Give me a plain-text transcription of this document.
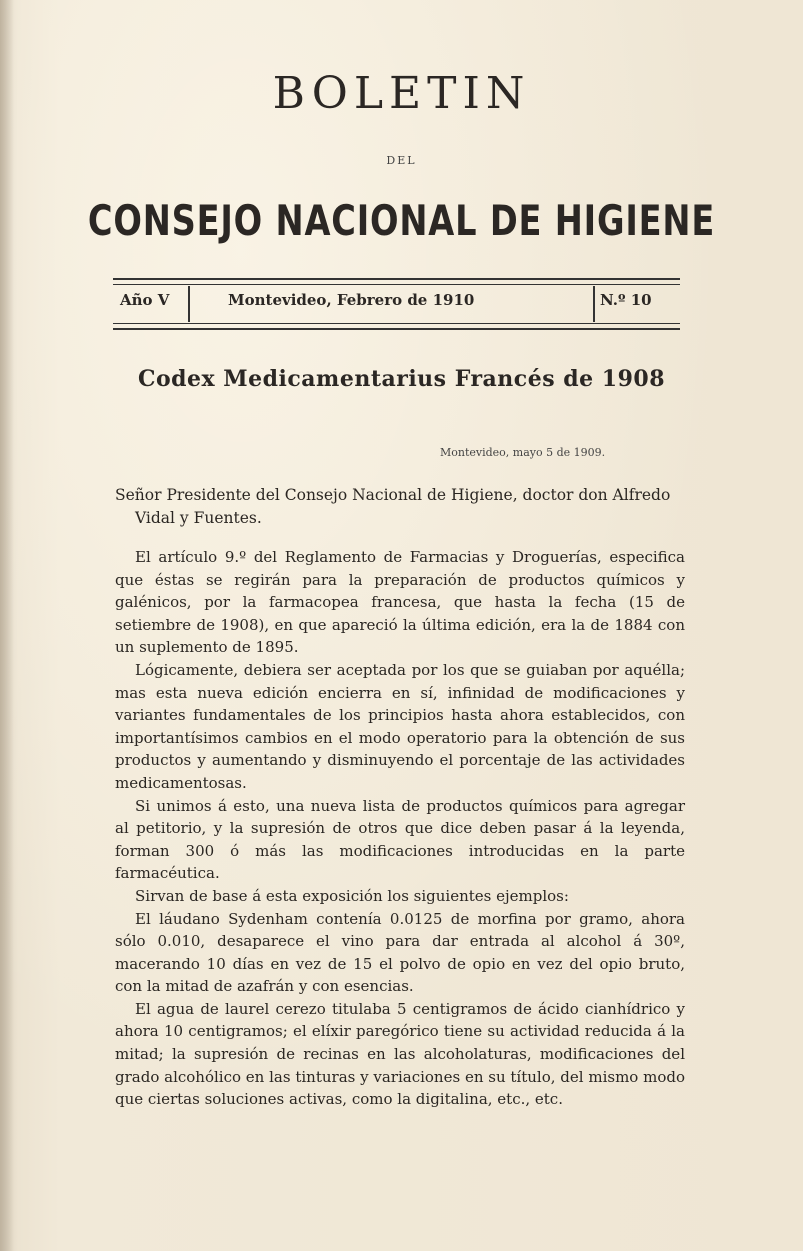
BOLETIN
DEL
CONSEJO NACIONAL DE HIGIENE
Año V	Montevideo, Febrero de 1910	N.º 10
Codex Medicamentarius Francés de 1908
Montevideo, mayo 5 de 1909.
Señor Presidente del Consejo Nacional de Higiene, doctor don Alfredo Vidal y Fuentes.

El artículo 9.º del Reglamento de Farmacias y Droguerías, especifica que éstas se regirán para la preparación de productos químicos y galénicos, por la farmacopea francesa, que hasta la fecha (15 de setiembre de 1908), en que apareció la última edición, era la de 1884 con un suplemento de 1895.

Lógicamente, debiera ser aceptada por los que se guiaban por aquélla; mas esta nueva edición encierra en sí, infinidad de modificaciones y variantes fundamentales de los principios hasta ahora establecidos, con importantísimos cambios en el modo operatorio para la obtención de sus productos y aumentando y disminuyendo el porcentaje de las actividades medicamentosas.

Si unimos á esto, una nueva lista de productos químicos para agregar al petitorio, y la supresión de otros que dice deben pasar á la leyenda, forman 300 ó más las modificaciones introducidas en la parte farmacéutica.

Sirvan de base á esta exposición los siguientes ejemplos:

El láudano Sydenham contenía 0.0125 de morfina por gramo, ahora sólo 0.010, desaparece el vino para dar entrada al alcohol á 30º, macerando 10 días en vez de 15 el polvo de opio en vez del opio bruto, con la mitad de azafrán y con esencias.

El agua de laurel cerezo titulaba 5 centigramos de ácido cianhídrico y ahora 10 centigramos; el elíxir paregórico tiene su actividad reducida á la mitad; la supresión de recinas en las alcoholaturas, modificaciones del grado alcohólico en las tinturas y variaciones en su título, del mismo modo que ciertas soluciones activas, como la digitalina, etc., etc.
